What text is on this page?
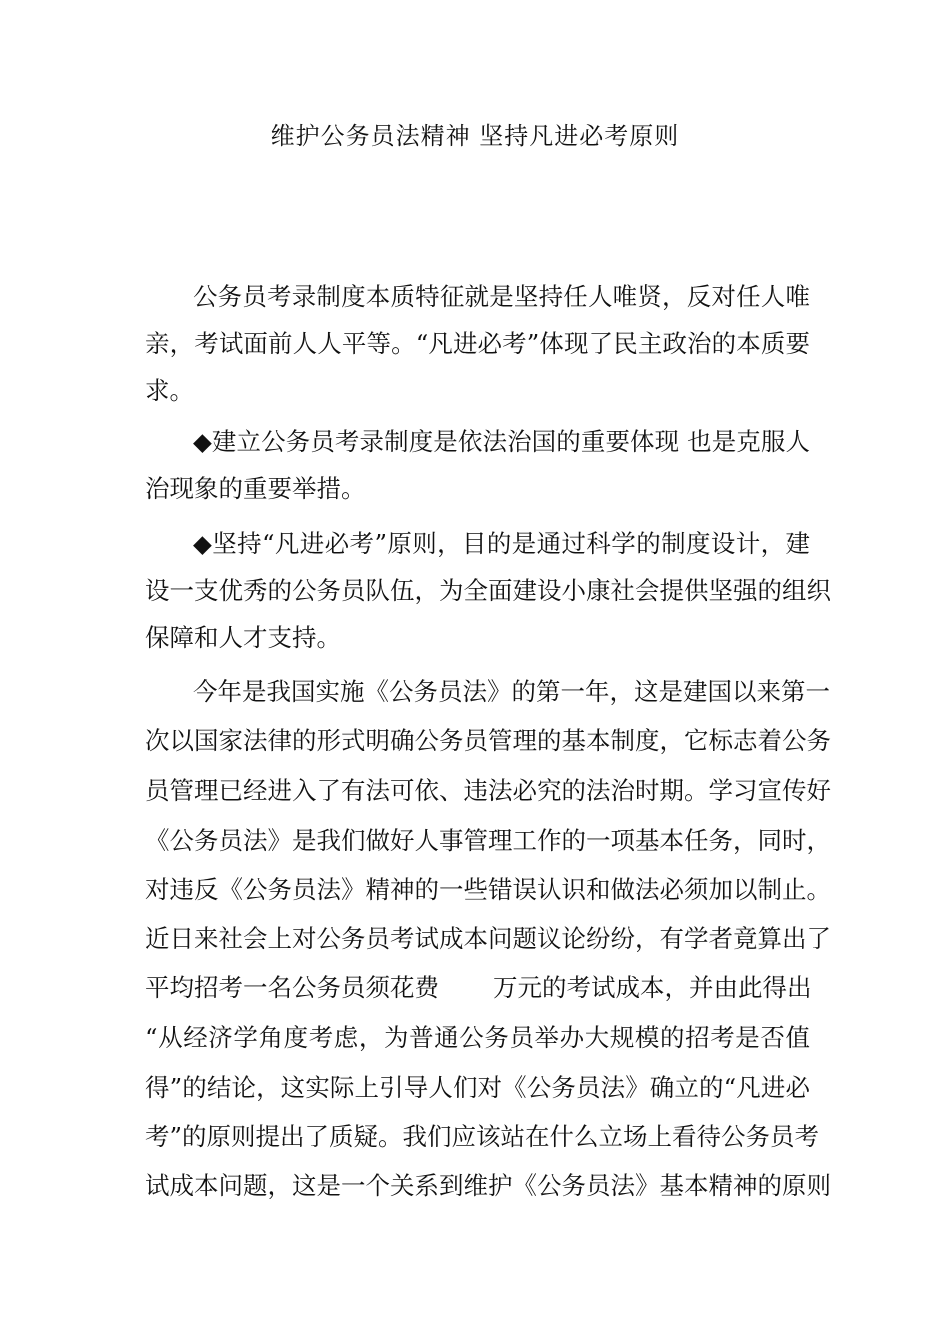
维护公务员法精神 坚持凡进必考原则
公务员考录制度本质特征就是坚持任人唯贤，反对任人唯
亲，考试面前人人平等。“凡进必考”体现了民主政治的本质要
求。
◆建立公务员考录制度是依法治国的重要体现 也是克服人
治现象的重要举措。
◆坚持“凡进必考”原则，目的是通过科学的制度设计，建
设一支优秀的公务员队伍，为全面建设小康社会提供坚强的组织
保障和人才支持。
今年是我国实施《公务员法》的第一年，这是建国以来第一
次以国家法律的形式明确公务员管理的基本制度，它标志着公务
员管理已经进入了有法可依、违法必究的法治时期。学习宣传好
《公务员法》是我们做好人事管理工作的一项基本任务，同时，
对违反《公务员法》精神的一些错误认识和做法必须加以制止。
近日来社会上对公务员考试成本问题议论纷纷，有学者竟算出了
平均招考一名公务员须花费 万元的考试成本，并由此得出
“从经济学角度考虑，为普通公务员举办大规模的招考是否值
得”的结论，这实际上引导人们对《公务员法》确立的“凡进必
考”的原则提出了质疑。我们应该站在什么立场上看待公务员考
试成本问题，这是一个关系到维护《公务员法》基本精神的原则
